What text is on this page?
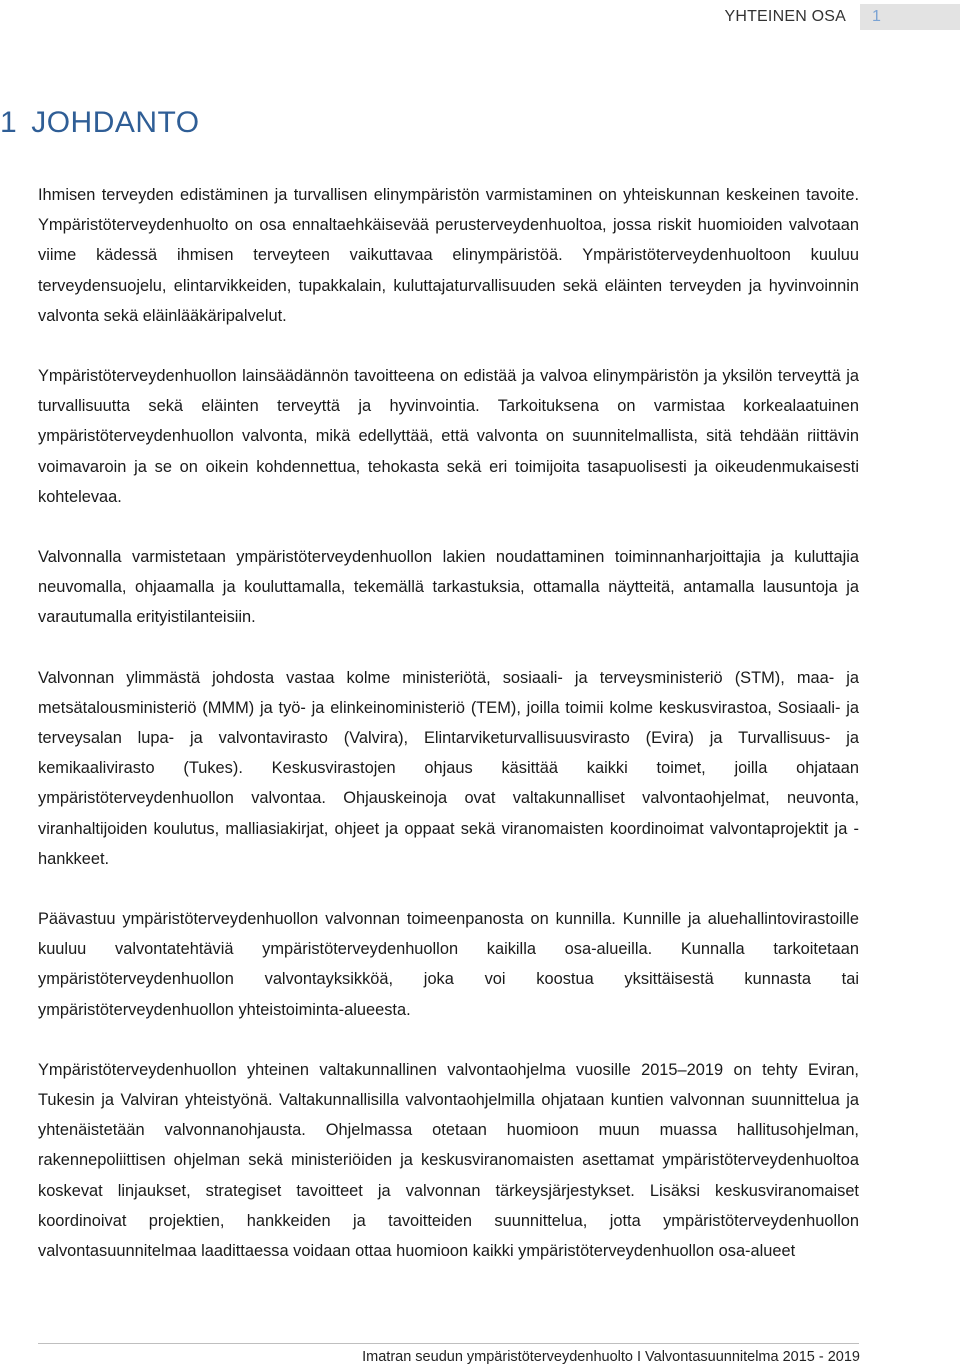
YHTEINEN OSA	1
1 JOHDANTO

Ihmisen terveyden edistäminen ja turvallisen elinympäristön varmistaminen on yhteiskunnan keskeinen tavoite. Ympäristöterveydenhuolto on osa ennaltaehkäisevää perusterveydenhuoltoa, jossa riskit huomioiden valvotaan viime kädessä ihmisen terveyteen vaikuttavaa elinympäristöä. Ympäristöterveydenhuoltoon kuuluu terveydensuojelu, elintarvikkeiden, tupakkalain, kuluttajaturvallisuuden sekä eläinten terveyden ja hyvinvoinnin valvonta sekä eläinlääkäripalvelut.

Ympäristöterveydenhuollon lainsäädännön tavoitteena on edistää ja valvoa elinympäristön ja yksilön terveyttä ja turvallisuutta sekä eläinten terveyttä ja hyvinvointia. Tarkoituksena on varmistaa korkealaatuinen ympäristöterveydenhuollon valvonta, mikä edellyttää, että valvonta on suunnitelmallista, sitä tehdään riittävin voimavaroin ja se on oikein kohdennettua, tehokasta sekä eri toimijoita tasapuolisesti ja oikeudenmukaisesti kohtelevaa.

Valvonnalla varmistetaan ympäristöterveydenhuollon lakien noudattaminen toiminnanharjoittajia ja kuluttajia neuvomalla, ohjaamalla ja kouluttamalla, tekemällä tarkastuksia, ottamalla näytteitä, antamalla lausuntoja ja varautumalla erityistilanteisiin.

Valvonnan ylimmästä johdosta vastaa kolme ministeriötä, sosiaali- ja terveysministeriö (STM), maa- ja metsätalousministeriö (MMM) ja työ- ja elinkeinoministeriö (TEM), joilla toimii kolme keskusvirastoa, Sosiaali- ja terveysalan lupa- ja valvontavirasto (Valvira), Elintarviketurvallisuusvirasto (Evira) ja Turvallisuus- ja kemikaalivirasto (Tukes). Keskusvirastojen ohjaus käsittää kaikki toimet, joilla ohjataan ympäristöterveydenhuollon valvontaa. Ohjauskeinoja ovat valtakunnalliset valvontaohjelmat, neuvonta, viranhaltijoiden koulutus, malliasiakirjat, ohjeet ja oppaat sekä viranomaisten koordinoimat valvontaprojektit ja -hankkeet.

Päävastuu ympäristöterveydenhuollon valvonnan toimeenpanosta on kunnilla. Kunnille ja aluehallintovirastoille kuuluu valvontatehtäviä ympäristöterveydenhuollon kaikilla osa-alueilla. Kunnalla tarkoitetaan ympäristöterveydenhuollon valvontayksikköä, joka voi koostua yksittäisestä kunnasta tai ympäristöterveydenhuollon yhteistoiminta-alueesta.

Ympäristöterveydenhuollon yhteinen valtakunnallinen valvontaohjelma vuosille 2015–2019 on tehty Eviran, Tukesin ja Valviran yhteistyönä. Valtakunnallisilla valvontaohjelmilla ohjataan kuntien valvonnan suunnittelua ja yhtenäistetään valvonnanohjausta. Ohjelmassa otetaan huomioon muun muassa hallitusohjelman, rakennepoliittisen ohjelman sekä ministeriöiden ja keskusviranomaisten asettamat ympäristöterveydenhuoltoa koskevat linjaukset, strategiset tavoitteet ja valvonnan tärkeysjärjestykset. Lisäksi keskusviranomaiset koordinoivat projektien, hankkeiden ja tavoitteiden suunnittelua, jotta ympäristöterveydenhuollon valvontasuunnitelmaa laadittaessa voidaan ottaa huomioon kaikki ympäristöterveydenhuollon osa-alueet

Imatran seudun ympäristöterveydenhuolto I Valvontasuunnitelma 2015 - 2019
